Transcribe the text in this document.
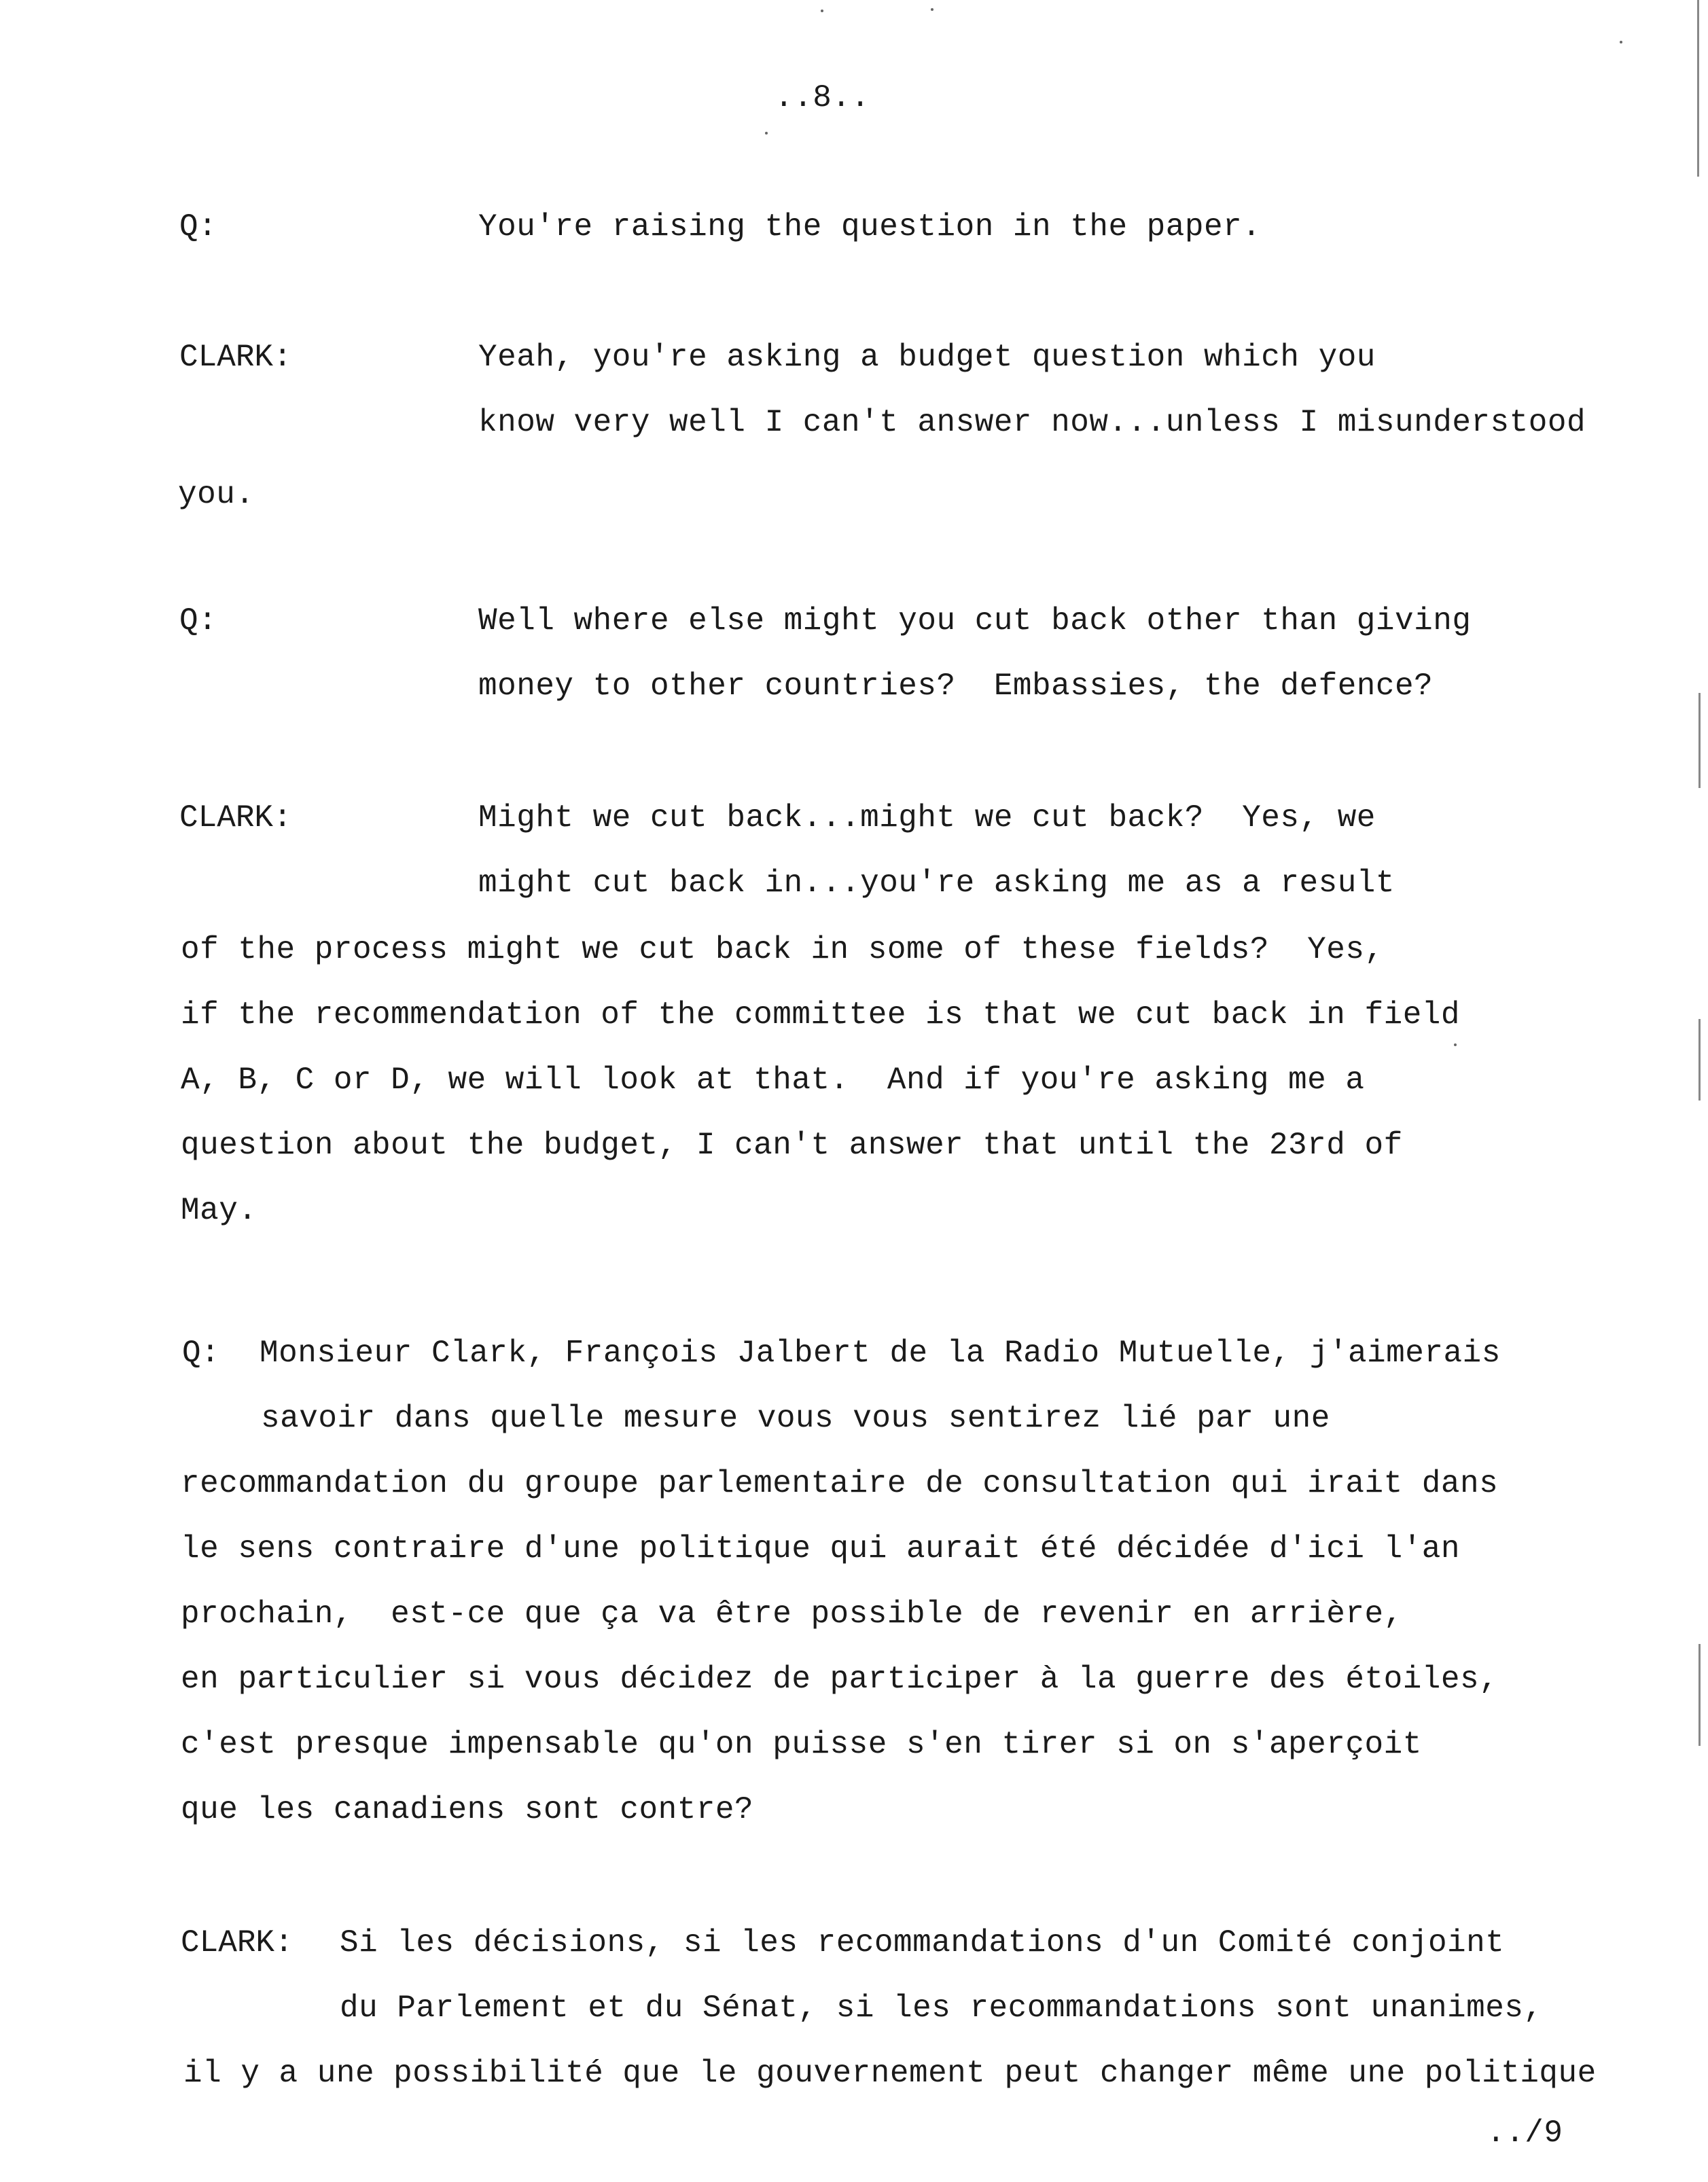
..8..
Q:	You're raising the question in the paper.
CLARK:	Yeah, you're asking a budget question which you
know very well I can't answer now...unless I misunderstood
you.
Q:	Well where else might you cut back other than giving
money to other countries?  Embassies, the defence?
CLARK:	Might we cut back...might we cut back?  Yes, we
might cut back in...you're asking me as a result
of the process might we cut back in some of these fields?  Yes,
if the recommendation of the committee is that we cut back in field
A, B, C or D, we will look at that.  And if you're asking me a
question about the budget, I can't answer that until the 23rd of
May.
Q: Monsieur Clark, François Jalbert de la Radio Mutuelle, j'aimerais
savoir dans quelle mesure vous vous sentirez lié par une
recommandation du groupe parlementaire de consultation qui irait dans
le sens contraire d'une politique qui aurait été décidée d'ici l'an
prochain,  est-ce que ça va être possible de revenir en arrière,
en particulier si vous décidez de participer à la guerre des étoiles,
c'est presque impensable qu'on puisse s'en tirer si on s'aperçoit
que les canadiens sont contre?
CLARK: Si les décisions, si les recommandations d'un Comité conjoint
du Parlement et du Sénat, si les recommandations sont unanimes,
il y a une possibilité que le gouvernement peut changer même une politique
../9
